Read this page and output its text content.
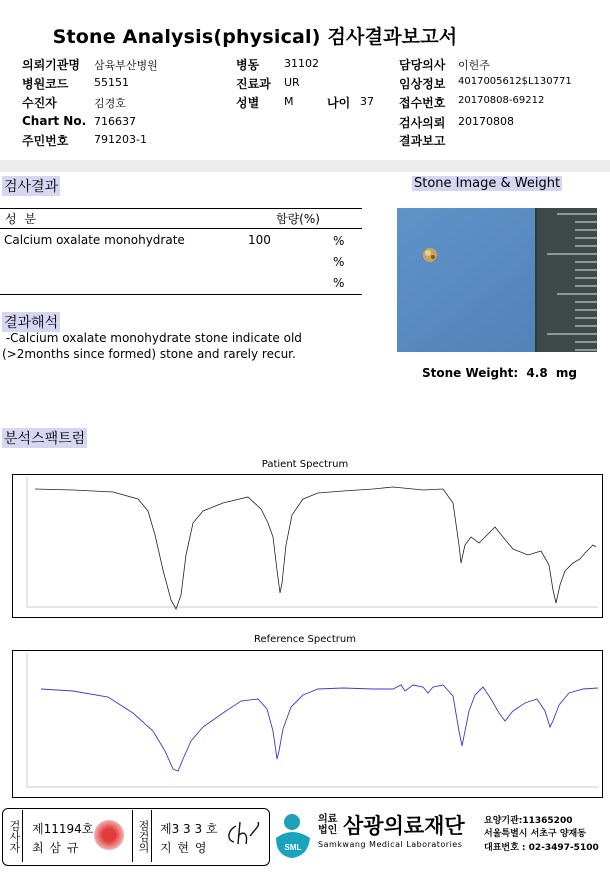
Stone Analysis(physical) 검사결과보고서
의뢰기관명 삼육부산병원
병원코드 55151
수진자	김경호
Chart No. 716637
주민번호 791203-1
병동 31102
진료과 UR
성별 M	나이 37
담당의사 이헌주
임상정보 40170056​12$L130771
접수번호 20170808-69212
검사의뢰 20170808
결과보고
검사결과
성 분	함량(%)
Calcium oxalate monohydrate	100	%
%
%
결과해석
-Calcium oxalate monohydrate stone indicate old
(>2months since formed) stone and rarely recur.
Stone Image & Weight
Stone Weight: 4.8 mg
분석스팩트럼
Patient Spectrum
Reference Spectrum
검사자 제11194호
최 삼 규	점검의 제3 3 3 호
지 현 영	SML
의료
법인 삼광의료재단
Samkwang Medical Laboratories
요양기관:11365200
서울특별시 서초구 양재동
대표번호 : 02-3497-5100
